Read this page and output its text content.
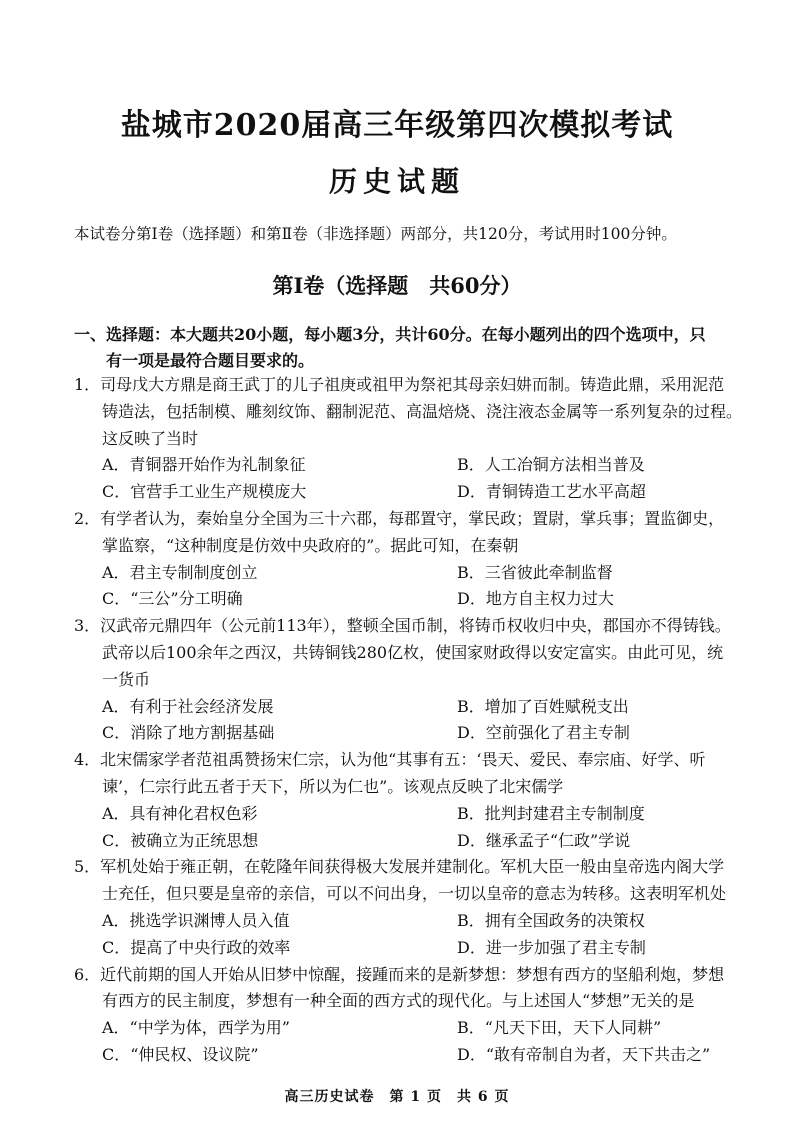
盐城市2020届高三年级第四次模拟考试
历史试题
本试卷分第Ⅰ卷（选择题）和第Ⅱ卷（非选择题）两部分，共120分，考试用时100分钟。
第Ⅰ卷（选择题　共60分）
一、选择题：本大题共20小题，每小题3分，共计60分。在每小题列出的四个选项中，只
有一项是最符合题目要求的。
1．司母戊大方鼎是商王武丁的儿子祖庚或祖甲为祭祀其母亲妇妌而制。铸造此鼎，采用泥范
铸造法，包括制模、雕刻纹饰、翻制泥范、高温焙烧、浇注液态金属等一系列复杂的过程。
这反映了当时
A．青铜器开始作为礼制象征	B．人工冶铜方法相当普及
C．官营手工业生产规模庞大	D．青铜铸造工艺水平高超
2．有学者认为，秦始皇分全国为三十六郡，每郡置守，掌民政；置尉，掌兵事；置监御史，
掌监察，“这种制度是仿效中央政府的”。据此可知，在秦朝
A．君主专制制度创立	B．三省彼此牵制监督
C．“三公”分工明确	D．地方自主权力过大
3．汉武帝元鼎四年（公元前113年），整顿全国币制，将铸币权收归中央，郡国亦不得铸钱。
武帝以后100余年之西汉，共铸铜钱280亿枚，使国家财政得以安定富实。由此可见，统
一货币
A．有利于社会经济发展	B．增加了百姓赋税支出
C．消除了地方割据基础	D．空前强化了君主专制
4．北宋儒家学者范祖禹赞扬宋仁宗，认为他“其事有五：‘畏天、爱民、奉宗庙、好学、听
谏’，仁宗行此五者于天下，所以为仁也”。该观点反映了北宋儒学
A．具有神化君权色彩	B．批判封建君主专制制度
C．被确立为正统思想	D．继承孟子“仁政”学说
5．军机处始于雍正朝，在乾隆年间获得极大发展并建制化。军机大臣一般由皇帝选内阁大学
士充任，但只要是皇帝的亲信，可以不问出身，一切以皇帝的意志为转移。这表明军机处
A．挑选学识渊博人员入值	B．拥有全国政务的决策权
C．提高了中央行政的效率	D．进一步加强了君主专制
6．近代前期的国人开始从旧梦中惊醒，接踵而来的是新梦想：梦想有西方的坚船利炮，梦想
有西方的民主制度，梦想有一种全面的西方式的现代化。与上述国人“梦想”无关的是
A．“中学为体，西学为用”	B．“凡天下田，天下人同耕”
C．“伸民权、设议院”	D．“敢有帝制自为者，天下共击之”
高三历史试卷　第 1 页　共 6 页
